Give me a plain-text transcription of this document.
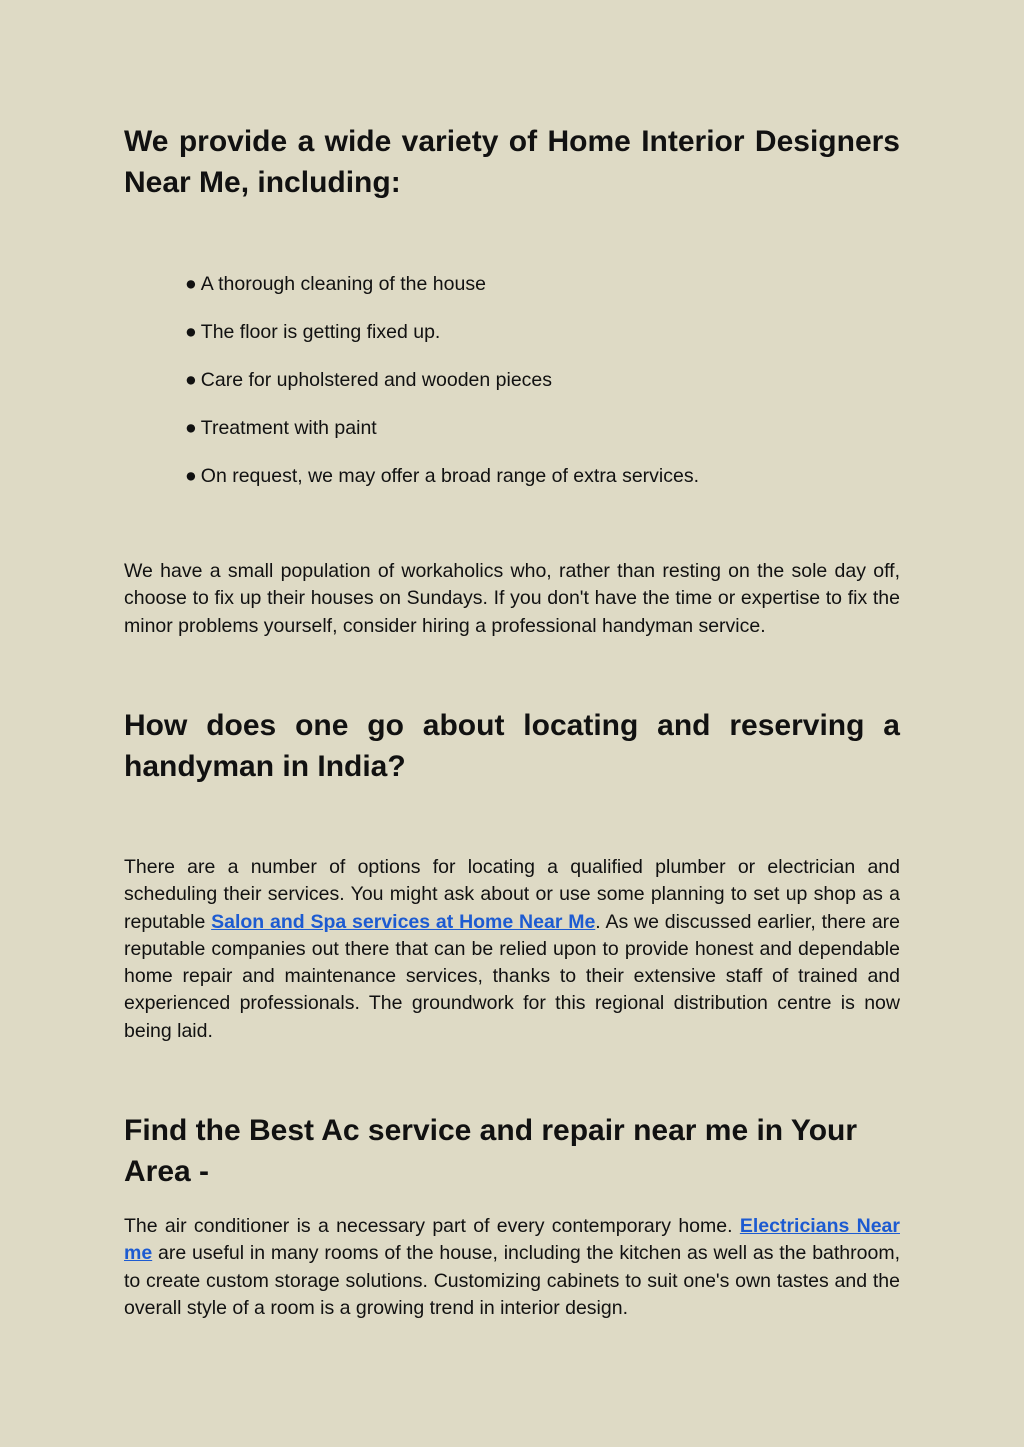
We provide a wide variety of Home Interior Designers Near Me, including:
● A thorough cleaning of the house
● The floor is getting fixed up.
● Care for upholstered and wooden pieces
● Treatment with paint
● On request, we may offer a broad range of extra services.

We have a small population of workaholics who, rather than resting on the sole day off, choose to fix up their houses on Sundays. If you don't have the time or expertise to fix the minor problems yourself, consider hiring a professional handyman service.

How does one go about locating and reserving a handyman in India?

There are a number of options for locating a qualified plumber or electrician and scheduling their services. You might ask about or use some planning to set up shop as a reputable Salon and Spa services at Home Near Me. As we discussed earlier, there are reputable companies out there that can be relied upon to provide honest and dependable home repair and maintenance services, thanks to their extensive staff of trained and experienced professionals. The groundwork for this regional distribution centre is now being laid.

Find the Best Ac service and repair near me in Your Area -

The air conditioner is a necessary part of every contemporary home. Electricians Near me are useful in many rooms of the house, including the kitchen as well as the bathroom, to create custom storage solutions. Customizing cabinets to suit one's own tastes and the overall style of a room is a growing trend in interior design.
